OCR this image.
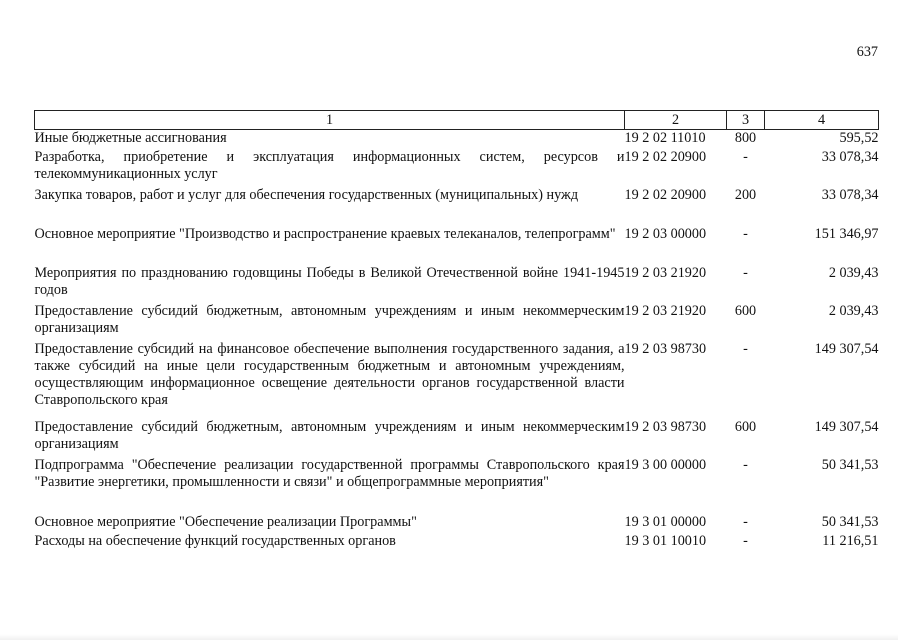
637
1	2	3	4
Иные бюджетные ассигнования	19 2 02 11010	800	595,52
Разработка, приобретение и эксплуатация информационных систем, ресурсов и телекоммуникационных услуг	19 2 02 20900	-	33 078,34
Закупка товаров, работ и услуг для обеспечения государственных (муниципальных) нужд	19 2 02 20900	200	33 078,34
Основное мероприятие "Производство и распространение краевых телеканалов, телепрограмм"	19 2 03 00000	-	151 346,97
Мероприятия по празднованию годовщины Победы в Великой Отечественной войне 1941-1945 годов	19 2 03 21920	-	2 039,43
Предоставление субсидий бюджетным, автономным учреждениям и иным некоммерческим организациям	19 2 03 21920	600	2 039,43
Предоставление субсидий на финансовое обеспечение выполнения государственного задания, а также субсидий на иные цели государственным бюджетным и автономным учреждениям, осуществляющим информационное освещение деятельности органов государственной власти Ставропольского края	19 2 03 98730	-	149 307,54
Предоставление субсидий бюджетным, автономным учреждениям и иным некоммерческим организациям	19 2 03 98730	600	149 307,54
Подпрограмма "Обеспечение реализации государственной программы Ставропольского края "Развитие энергетики, промышленности и связи" и общепрограммные мероприятия"	19 3 00 00000	-	50 341,53
Основное мероприятие "Обеспечение реализации Программы"	19 3 01 00000	-	50 341,53
Расходы на обеспечение функций государственных органов	19 3 01 10010	-	11 216,51
